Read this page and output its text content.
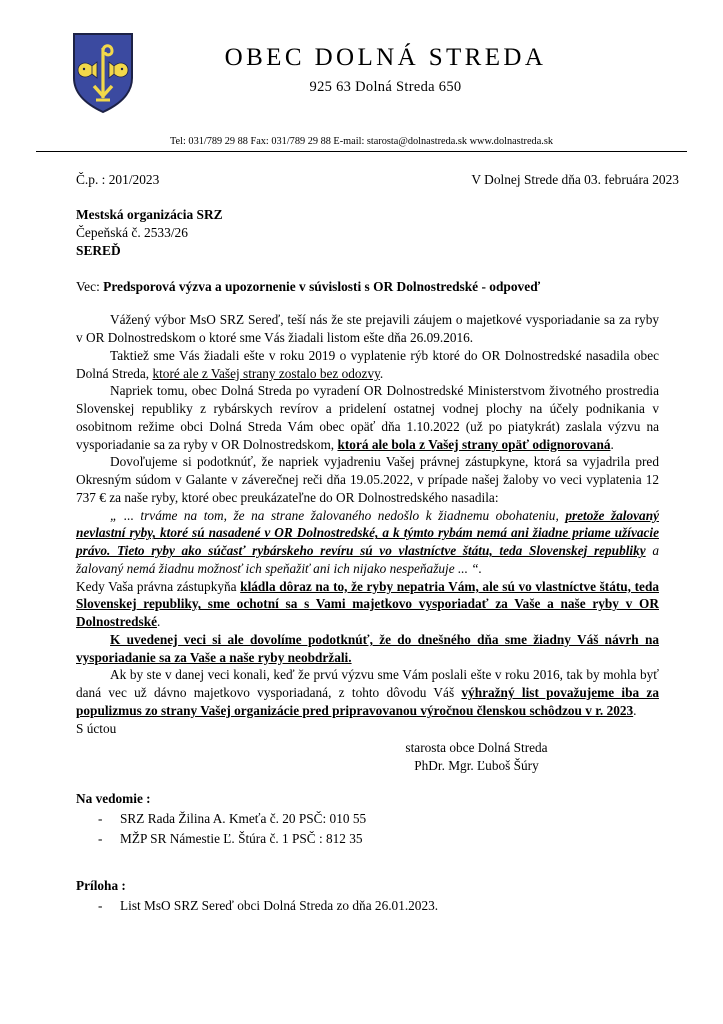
OBEC DOLNÁ STREDA
925 63 Dolná Streda 650
Tel: 031/789 29 88 Fax: 031/789 29 88 E-mail: starosta@dolnastreda.sk www.dolnastreda.sk
Č.p. : 201/2023	V Dolnej Strede dňa 03. februára 2023
Mestská organizácia SRZ
Čepeňská č. 2533/26
SEREĎ
Vec: Predsporová výzva a upozornenie v súvislosti s OR Dolnostredské - odpoveď

Vážený výbor MsO SRZ Sereď, teší nás že ste prejavili záujem o majetkové vysporiadanie sa za ryby v OR Dolnostredskom o ktoré sme Vás žiadali listom ešte dňa 26.09.2016.

Taktiež sme Vás žiadali ešte v roku 2019 o vyplatenie rýb ktoré do OR Dolnostredské nasadila obec Dolná Streda, ktoré ale z Vašej strany zostalo bez odozvy.

Napriek tomu, obec Dolná Streda po vyradení OR Dolnostredské Ministerstvom životného prostredia Slovenskej republiky z rybárskych revírov a pridelení ostatnej vodnej plochy na účely podnikania v osobitnom režime obci Dolná Streda Vám obec opäť dňa 1.10.2022 (už po piatykrát) zaslala výzvu na vysporiadanie sa za ryby v OR Dolnostredskom, ktorá ale bola z Vašej strany opäť odignorovaná.

Dovoľujeme si podotknúť, že napriek vyjadreniu Vašej právnej zástupkyne, ktorá sa vyjadrila pred Okresným súdom v Galante v záverečnej reči dňa 19.05.2022, v prípade našej žaloby vo veci vyplatenia 12 737 € za naše ryby, ktoré obec preukázateľne do OR Dolnostredského nasadila:

„ ... trváme na tom, že na strane žalovaného nedošlo k žiadnemu obohateniu, pretože žalovaný nevlastní ryby, ktoré sú nasadené v OR Dolnostredské, a k týmto rybám nemá ani žiadne priame užívacie právo. Tieto ryby ako súčasť rybárskeho revíru sú vo vlastníctve štátu, teda Slovenskej republiky a žalovaný nemá žiadnu možnosť ich speňažiť ani ich nijako nespeňažuje ... “.

Kedy Vaša právna zástupkyňa kládla dôraz na to, že ryby nepatria Vám, ale sú vo vlastníctve štátu, teda Slovenskej republiky, sme ochotní sa s Vami majetkovo vysporiadať za Vaše a naše ryby v OR Dolnostredské.

K uvedenej veci si ale dovolíme podotknúť, že do dnešného dňa sme žiadny Váš návrh na vysporiadanie sa za Vaše a naše ryby neobdržali.

Ak by ste v danej veci konali, keď že prvú výzvu sme Vám poslali ešte v roku 2016, tak by mohla byť daná vec už dávno majetkovo vysporiadaná, z tohto dôvodu Váš výhražný list považujeme iba za populizmus zo strany Vašej organizácie pred pripravovanou výročnou členskou schôdzou v r. 2023.

S úctou

starosta obce Dolná Streda
PhDr. Mgr. Ľuboš Šúry
Na vedomie :
- SRZ Rada Žilina A. Kmeťa č. 20 PSČ: 010 55
- MŽP SR Námestie Ľ. Štúra č. 1 PSČ : 812 35
Príloha :
- List MsO SRZ Sereď obci Dolná Streda zo dňa 26.01.2023.
